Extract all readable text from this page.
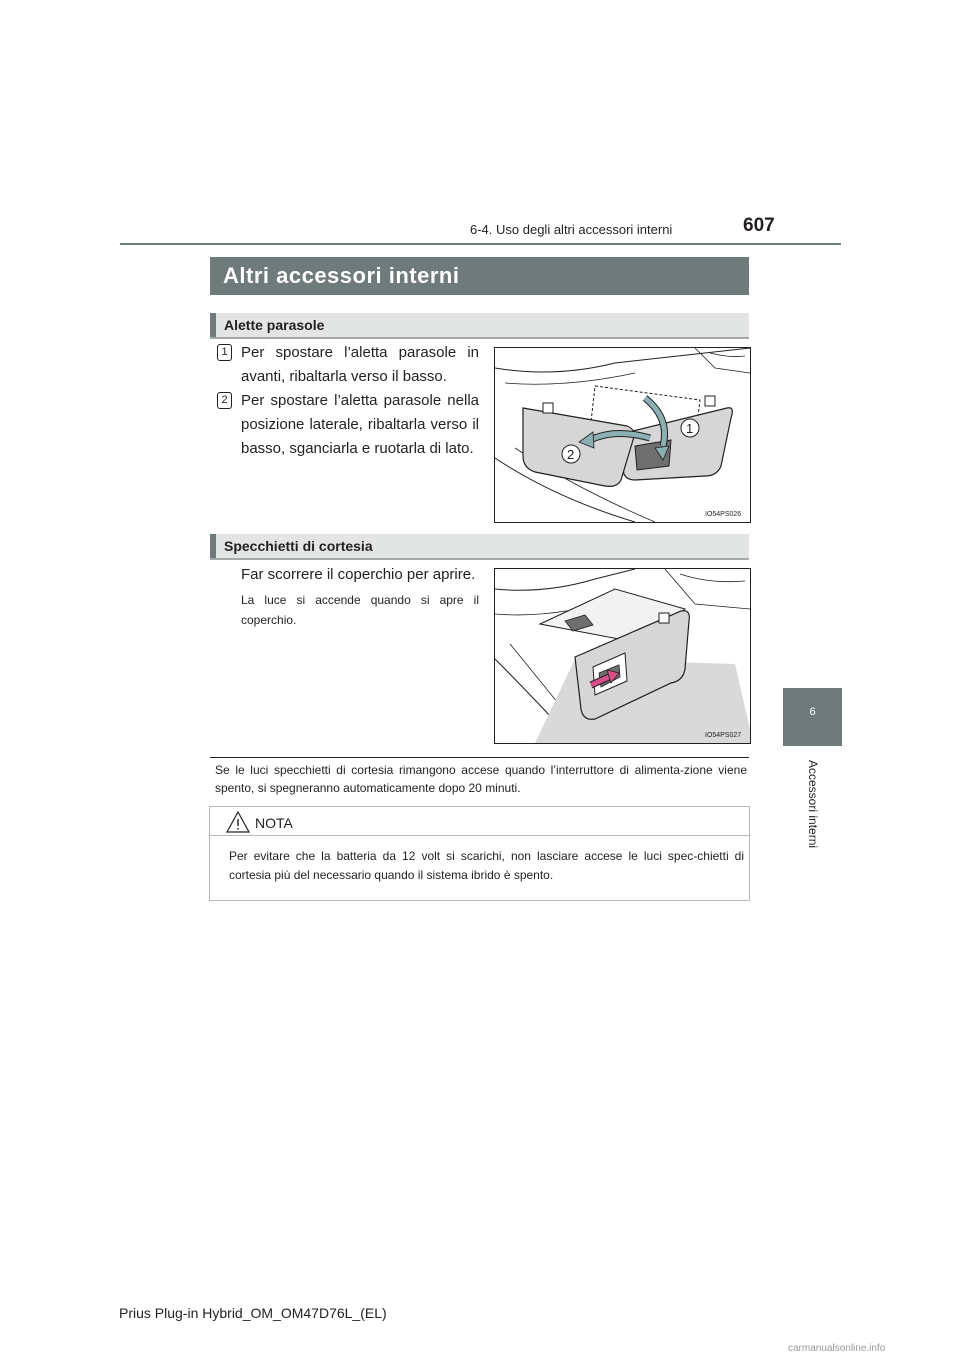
6-4. Uso degli altri accessori interni	607
6
Accessori interni
Altri accessori interni
Alette parasole
1 Per spostare l’aletta parasole in avanti, ribaltarla verso il basso.
2 Per spostare l’aletta parasole nella posizione laterale, ribaltarla verso il basso, sganciarla e ruotarla di lato.
1
2
IO54PS026
Specchietti di cortesia
Far scorrere il coperchio per aprire.
La luce si accende quando si apre il coperchio.
IO54PS027
Se le luci specchietti di cortesia rimangono accese quando l’interruttore di alimenta-zione viene spento, si spegneranno automaticamente dopo 20 minuti.
NOTA
Per evitare che la batteria da 12 volt si scarichi, non lasciare accese le luci spec-chietti di cortesia più del necessario quando il sistema ibrido è spento.
Prius Plug-in Hybrid_OM_OM47D76L_(EL)
carmanualsonline.info
